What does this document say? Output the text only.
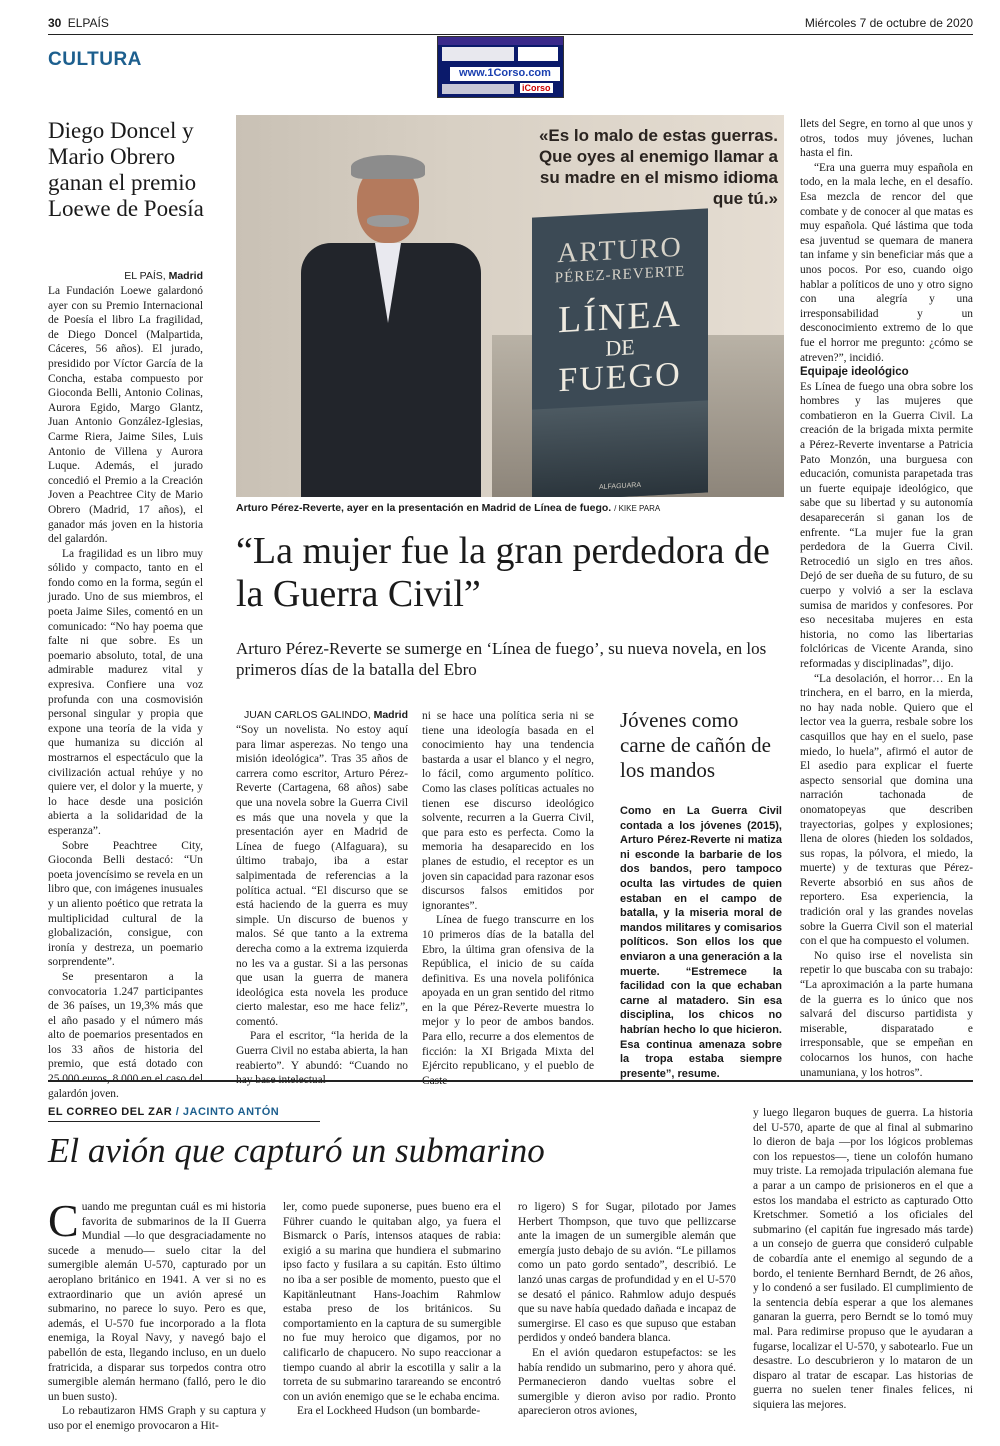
30 ELPAÍS	Miércoles 7 de octubre de 2020
CULTURA
www.1Corso.com
iCorso
Diego Doncel y Mario Obrero ganan el premio Loewe de Poesía
EL PAÍS, Madrid

La Fundación Loewe galardonó ayer con su Premio Internacional de Poesía el libro La fragilidad, de Diego Doncel (Malpartida, Cáceres, 56 años). El jurado, presidido por Víctor García de la Concha, estaba compuesto por Gioconda Belli, Antonio Colinas, Aurora Egido, Margo Glantz, Juan Antonio González-Iglesias, Carme Riera, Jaime Siles, Luis Antonio de Villena y Aurora Luque. Además, el jurado concedió el Premio a la Creación Joven a Peachtree City de Mario Obrero (Madrid, 17 años), el ganador más joven en la historia del galardón.

La fragilidad es un libro muy sólido y compacto, tanto en el fondo como en la forma, según el jurado. Uno de sus miembros, el poeta Jaime Siles, comentó en un comunicado: “No hay poema que falte ni que sobre. Es un poemario absoluto, total, de una admirable madurez vital y expresiva. Confiere una voz profunda con una cosmovisión personal singular y propia que expone una teoría de la vida y que humaniza su dicción al mostrarnos el espectáculo que la civilización actual rehúye y no quiere ver, el dolor y la muerte, y lo hace desde una posición abierta a la solidaridad de la esperanza”.

Sobre Peachtree City, Gioconda Belli destacó: “Un poeta jovencísimo se revela en un libro que, con imágenes inusuales y un aliento poético que retrata la multiplicidad cultural de la globalización, consigue, con ironía y destreza, un poemario sorprendente”.

Se presentaron a la convocatoria 1.247 participantes de 36 países, un 19,3% más que el año pasado y el número más alto de poemarios presentados en los 33 años de historia del premio, que está dotado con galardón joven.

«Es lo malo de estas guerras. Que oyes al enemigo llamar a su madre en el mismo idioma que tú.»
ARTURO
PÉREZ-REVERTE
LÍNEA
DE
FUEGO
ALFAGUARA
Arturo Pérez-Reverte, ayer en la presentación en Madrid de Línea de fuego. / KIKE PARA
“La mujer fue la gran perdedora de la Guerra Civil”
Arturo Pérez-Reverte se sumerge en ‘Línea de fuego’, su nueva novela, en los primeros días de la batalla del Ebro
JUAN CARLOS GALINDO, Madrid

“Soy un novelista. No estoy aquí para limar asperezas. No tengo una misión ideológica”. Tras 35 años de carrera como escritor, Arturo Pérez-Reverte (Cartagena, 68 años) sabe que una novela sobre la Guerra Civil es más que una novela y que la presentación ayer en Madrid de Línea de fuego (Alfaguara), su último trabajo, iba a estar salpimentada de referencias a la política actual. “El discurso que se está haciendo de la guerra es muy simple. Un discurso de buenos y malos. Sé que tanto a la extrema derecha como a la extrema izquierda no les va a gustar. Si a las personas que usan la guerra de manera ideológica esta novela les produce cierto malestar, eso me hace feliz”, comentó.

Para el escritor, “la herida de la Guerra Civil no estaba abierta, la han reabierto”. Y abundó: “Cuando no

ni se hace una política seria ni se tiene una ideología basada en el conocimiento hay una tendencia bastarda a usar el blanco y el negro, lo fácil, como argumento político. Como las clases políticas actuales no tienen ese discurso ideológico solvente, recurren a la Guerra Civil, que para esto es perfecta. Como la memoria ha desaparecido en los planes de estudio, el receptor es un joven sin capacidad para razonar esos discursos falsos emitidos por ignorantes”.

Línea de fuego transcurre en los 10 primeros días de la batalla del Ebro, la última gran ofensiva de la República, el inicio de su caída definitiva. Es una novela polifónica apoyada en un gran sentido del ritmo en la que Pérez-Reverte muestra lo mejor y lo peor de ambos bandos. Para ello, recurre a dos elementos de ficción: la XI Brigada Mixta del Ejército republicano, y el pueblo de

Jóvenes como carne de cañón de los mandos

Como en La Guerra Civil contada a los jóvenes (2015), Arturo Pérez-Reverte ni matiza ni esconde la barbarie de los dos bandos, pero tampoco oculta las virtudes de quien estaban en el campo de batalla, y la miseria moral de mandos militares y comisarios políticos. Son ellos los que enviaron a una generación a la muerte. “Estremece la facilidad con la que echaban carne al matadero. Sin esa disciplina, los chicos no habrían hecho lo que hicieron. Esa continua amenaza sobre la tropa estaba siempre presente”, resume.

llets del Segre, en torno al que unos y otros, todos muy jóvenes, luchan hasta el fin.

“Era una guerra muy española en todo, en la mala leche, en el desafío. Esa mezcla de rencor del que combate y de conocer al que matas es muy española. Qué lástima que toda esa juventud se quemara de manera tan infame y sin beneficiar más que a unos pocos. Por eso, cuando oigo hablar a políticos de uno y otro signo con una alegría y una irresponsabilidad y un desconocimiento extremo de lo que fue el horror me pregunto: ¿cómo se atreven?”, incidió.

Equipaje ideológico

Es Línea de fuego una obra sobre los hombres y las mujeres que combatieron en la Guerra Civil. La creación de la brigada mixta permite a Pérez-Reverte inventarse a Patricia Pato Monzón, una burguesa con educación, comunista parapetada tras un fuerte equipaje ideológico, que sabe que su libertad y su autonomía desaparecerán si ganan los de enfrente. “La mujer fue la gran perdedora de la Guerra Civil. Retrocedió un siglo en tres años. Dejó de ser dueña de su futuro, de su cuerpo y volvió a ser la esclava sumisa de maridos y confesores. Por eso necesitaba mujeres en esta historia, no como las libertarias folclóricas de Vicente Aranda, sino reformadas y disciplinadas”, dijo.

“La desolación, el horror… En la trinchera, en el barro, en la mierda, no hay nada noble. Quiero que el lector vea la guerra, resbale sobre los casquillos que hay en el suelo, pase miedo, lo huela”, afirmó el autor de El asedio para explicar el fuerte aspecto sensorial que domina una narración tachonada de onomatopeyas que describen trayectorias, golpes y explosiones; llena de olores (hieden los soldados, sus ropas, la pólvora, el miedo, la muerte) y de texturas que Pérez-Reverte absorbió en sus años de reportero. Esa experiencia, la tradición oral y las grandes novelas sobre la Guerra Civil son el material con el que ha compuesto el volumen.

No quiso irse el novelista sin repetir lo que buscaba con su trabajo: “La aproximación a la parte humana de la guerra es lo único que nos salvará del discurso partidista y miserable, disparatado e irresponsable, que se empeñan en colocarnos los hunos, con hache unamuniana, y los hotros”.

EL CORREO DEL ZAR / JACINTO ANTÓN
El avión que capturó un submarino

Cuando me preguntan cuál es mi historia favorita de submarinos de la II Guerra Mundial —lo que desgraciadamente no sucede a menudo— suelo citar la del sumergible alemán U-570, capturado por un aeroplano británico en 1941. A ver si no es extraordinario que un avión apresé un submarino, no parece lo suyo. Pero es que, además, el U-570 fue incorporado a la flota enemiga, la Royal Navy, y navegó bajo el pabellón de esta, llegando incluso, en un duelo fratricida, a disparar sus torpedos contra otro sumergible alemán hermano (falló, pero le dio un buen susto).

Lo rebautizaron HMS Graph y su captura y uso por el enemigo provocaron a Hit-

ler, como puede suponerse, pues bueno era el Führer cuando le quitaban algo, ya fuera el Bismarck o París, intensos ataques de rabia: exigió a su marina que hundiera el submarino ipso facto y fusilara a su capitán. Esto último no iba a ser posible de momento, puesto que el Kapitänleutnant Hans-Joachim Rahmlow estaba preso de los británicos. Su comportamiento en la captura de su sumergible no fue muy heroico que digamos, por no calificarlo de chapucero. No supo reaccionar a tiempo cuando al abrir la escotilla y salir a la torreta de su submarino tarareando se encontró con un avión enemigo que se le echaba encima.

Era el Lockheed Hudson (un bombarde-

ro ligero) S for Sugar, pilotado por James Herbert Thompson, que tuvo que pellizcarse ante la imagen de un sumergible alemán que emergía justo debajo de su avión. “Le pillamos como un pato gordo sentado”, describió. Le lanzó unas cargas de profundidad y en el U-570 se desató el pánico. Rahmlow adujo después que su nave había quedado dañada e incapaz de sumergirse. El caso es que supuso que estaban perdidos y ondeó bandera blanca.

En el avión quedaron estupefactos: se les había rendido un submarino, pero y ahora qué. Permanecieron dando vueltas sobre el sumergible y dieron aviso por radio. Pronto aparecieron otros aviones,

y luego llegaron buques de guerra. La historia del U-570, aparte de que al final al submarino lo dieron de baja —por los lógicos problemas con los repuestos—, tiene un colofón humano muy triste. La remojada tripulación alemana fue a parar a un campo de prisioneros en el que a estos los mandaba el estricto as capturado Otto Kretschmer. Sometió a los oficiales del submarino (el capitán fue ingresado más tarde) a un consejo de guerra que consideró culpable de cobardía ante el enemigo al segundo de a bordo, el teniente Bernhard Berndt, de 26 años, y lo condenó a ser fusilado. El cumplimiento de la sentencia debía esperar a que los alemanes ganaran la guerra, pero Berndt se lo tomó muy mal. Para redimirse propuso que le ayudaran a fugarse, localizar el U-570, y sabotearlo. Fue un desastre. Lo descubrieron y lo mataron de un disparo al tratar de escapar. Las historias de guerra no suelen tener finales felices, ni siquiera las mejores.
